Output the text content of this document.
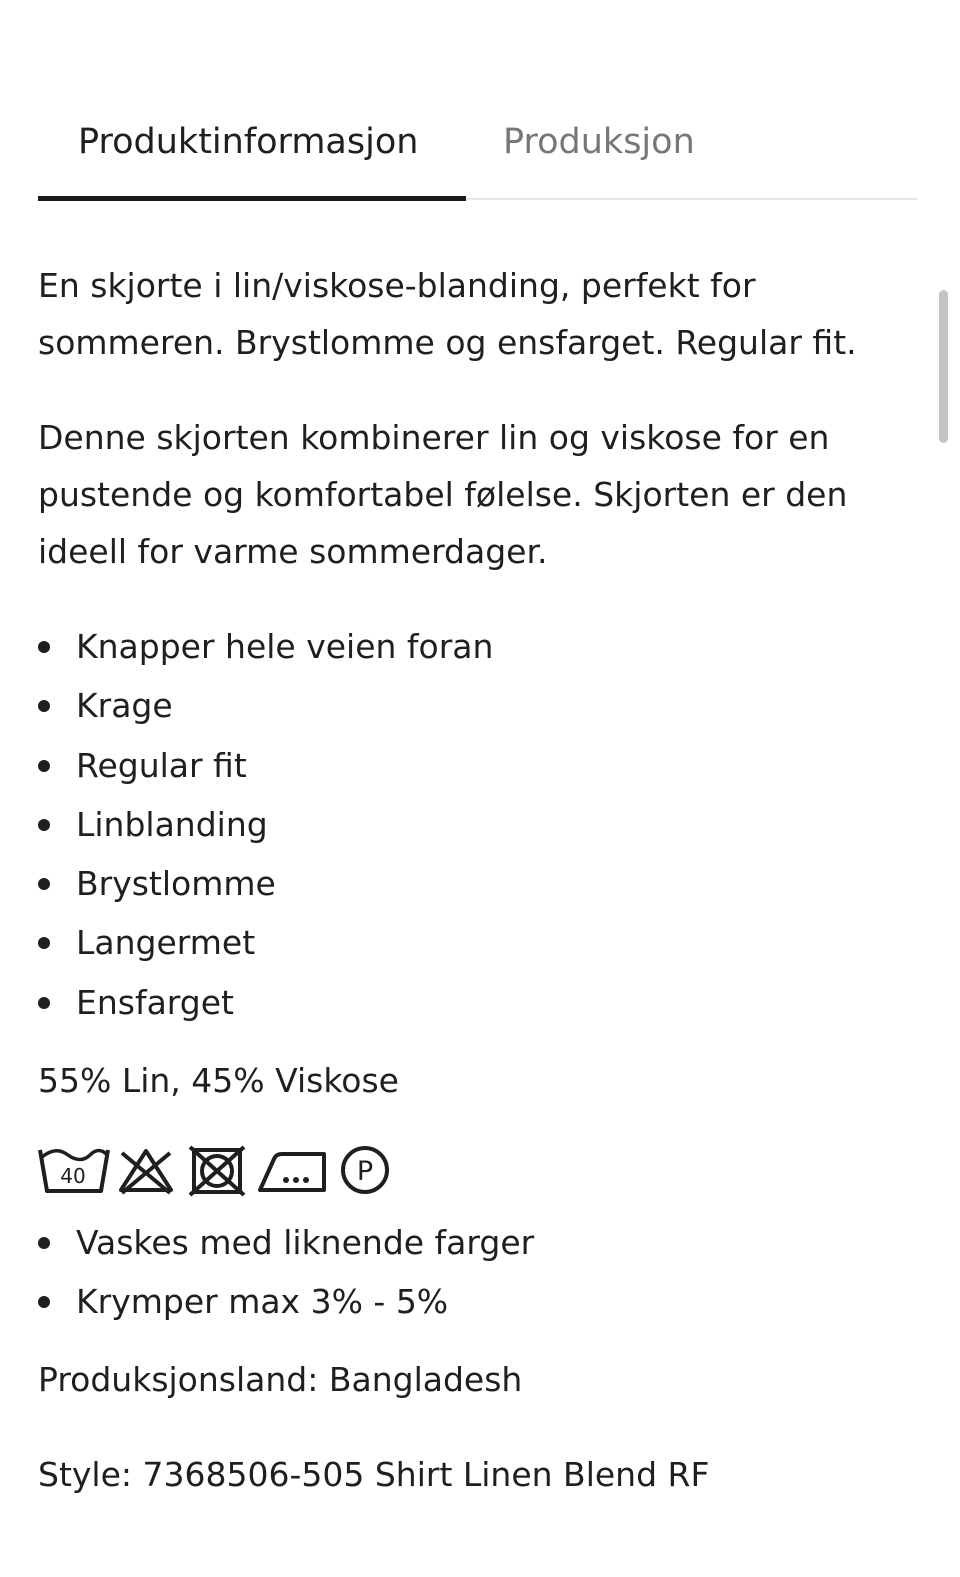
Produktinformasjon Produksjon

En skjorte i lin/viskose-blanding, perfekt for
sommeren. Brystlomme og ensfarget. Regular fit.

Denne skjorten kombinerer lin og viskose for en
pustende og komfortabel følelse. Skjorten er den
ideell for varme sommerdager.

Knapper hele veien foran
Krage
Regular fit
Linblanding
Brystlomme
Langermet
Ensfarget

55% Lin, 45% Viskose

40	P
Vaskes med liknende farger
Krymper max 3% - 5%

Produksjonsland: Bangladesh

Style: 7368506-505 Shirt Linen Blend RF
